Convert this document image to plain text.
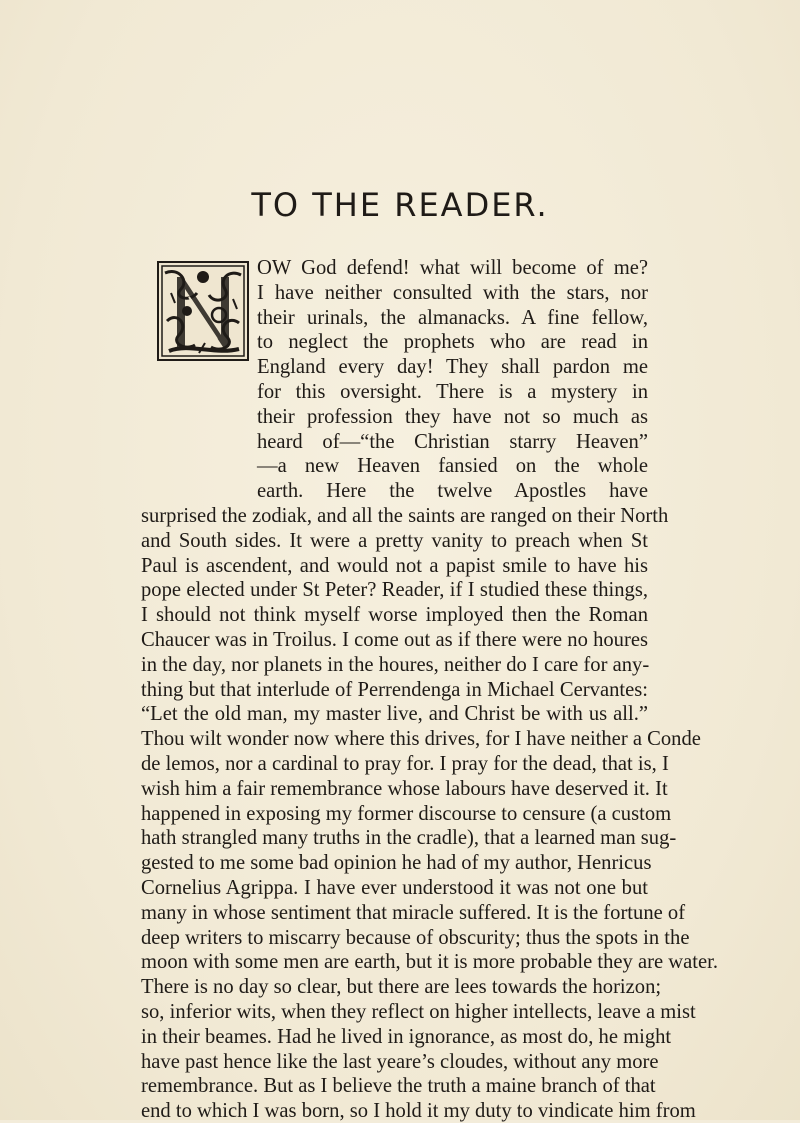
TO THE READER.
OW God defend! what will become of me?
I have neither consulted with the stars, nor
their urinals, the almanacks. A fine fellow,
to neglect the prophets who are read in
England every day! They shall pardon me
for this oversight. There is a mystery in
their profession they have not so much as
heard of—“the Christian starry Heaven”
—a new Heaven fansied on the whole
earth. Here the twelve Apostles have
surprised the zodiak, and all the saints are ranged on their North
and South sides. It were a pretty vanity to preach when St
Paul is ascendent, and would not a papist smile to have his
pope elected under St Peter? Reader, if I studied these things,
I should not think myself worse imployed then the Roman
Chaucer was in Troilus. I come out as if there were no houres
in the day, nor planets in the houres, neither do I care for any-
thing but that interlude of Perrendenga in Michael Cervantes:
“Let the old man, my master live, and Christ be with us all.”
Thou wilt wonder now where this drives, for I have neither a Conde
de lemos, nor a cardinal to pray for. I pray for the dead, that is, I
wish him a fair remembrance whose labours have deserved it. It
happened in exposing my former discourse to censure (a custom
hath strangled many truths in the cradle), that a learned man sug-
gested to me some bad opinion he had of my author, Henricus
Cornelius Agrippa. I have ever understood it was not one but
many in whose sentiment that miracle suffered. It is the fortune of
deep writers to miscarry because of obscurity; thus the spots in the
moon with some men are earth, but it is more probable they are water.
There is no day so clear, but there are lees towards the horizon;
so, inferior wits, when they reflect on higher intellects, leave a mist
in their beames. Had he lived in ignorance, as most do, he might
have past hence like the last yeare’s cloudes, without any more
remembrance. But as I believe the truth a maine branch of that
end to which I was born, so I hold it my duty to vindicate him from
